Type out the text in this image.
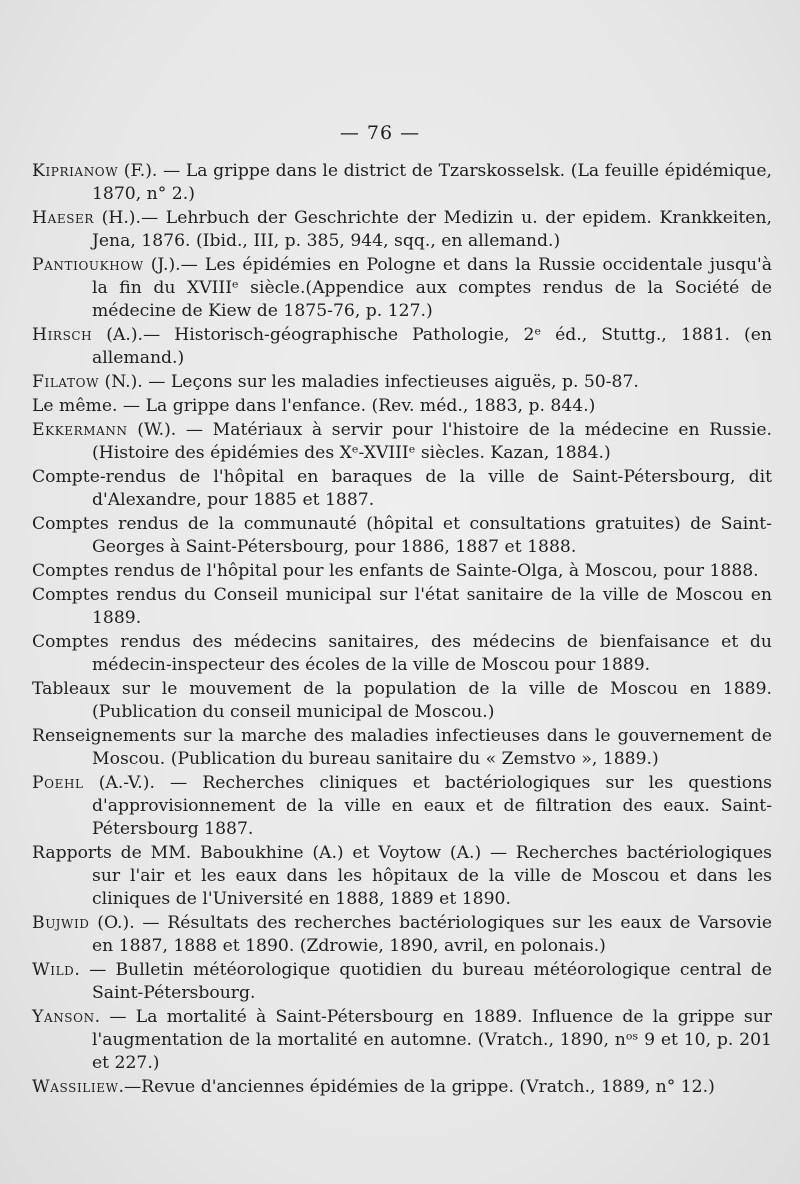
— 76 —

Kiprianow (F.). — La grippe dans le district de Tzarskosselsk. (La feuille épidémique, 1870, n° 2.)

Haeser (H.).— Lehrbuch der Geschrichte der Medizin u. der epidem. Krankkeiten, Jena, 1876. (Ibid., III, p. 385, 944, sqq., en allemand.)

Pantioukhow (J.).— Les épidémies en Pologne et dans la Russie occidentale jusqu'à la fin du XVIIIᵉ siècle.(Appendice aux comptes rendus de la Société de médecine de Kiew de 1875-76, p. 127.)

Hirsch (A.).— Historisch-géographische Pathologie, 2ᵉ éd., Stuttg., 1881. (en allemand.)

Filatow (N.). — Leçons sur les maladies infectieuses aiguës, p. 50-87.

Le même. — La grippe dans l'enfance. (Rev. méd., 1883, p. 844.)

Ekkermann (W.). — Matériaux à servir pour l'histoire de la médecine en Russie. (Histoire des épidémies des Xᵉ-XVIIIᵉ siècles. Kazan, 1884.)

Compte-rendus de l'hôpital en baraques de la ville de Saint-Pétersbourg, dit d'Alexandre, pour 1885 et 1887.

Comptes rendus de la communauté (hôpital et consultations gratuites) de Saint-Georges à Saint-Pétersbourg, pour 1886, 1887 et 1888.

Comptes rendus de l'hôpital pour les enfants de Sainte-Olga, à Moscou, pour 1888.

Comptes rendus du Conseil municipal sur l'état sanitaire de la ville de Moscou en 1889.

Comptes rendus des médecins sanitaires, des médecins de bienfaisance et du médecin-inspecteur des écoles de la ville de Moscou pour 1889.

Tableaux sur le mouvement de la population de la ville de Moscou en 1889. (Publication du conseil municipal de Moscou.)

Renseignements sur la marche des maladies infectieuses dans le gouvernement de Moscou. (Publication du bureau sanitaire du « Zemstvo », 1889.)

Poehl (A.-V.). — Recherches cliniques et bactériologiques sur les questions d'approvisionnement de la ville en eaux et de filtration des eaux. Saint-Pétersbourg 1887.

Rapports de MM. Baboukhine (A.) et Voytow (A.) — Recherches bactériologiques sur l'air et les eaux dans les hôpitaux de la ville de Moscou et dans les cliniques de l'Université en 1888, 1889 et 1890.

Bujwid (O.). — Résultats des recherches bactériologiques sur les eaux de Varsovie en 1887, 1888 et 1890. (Zdrowie, 1890, avril, en polonais.)

Wild. — Bulletin météorologique quotidien du bureau météorologique central de Saint-Pétersbourg.

Yanson. — La mortalité à Saint-Pétersbourg en 1889. Influence de la grippe sur l'augmentation de la mortalité en automne. (Vratch., 1890, nᵒˢ 9 et 10, p. 201 et 227.)

Wassiliew.—Revue d'anciennes épidémies de la grippe. (Vratch., 1889, n° 12.)
